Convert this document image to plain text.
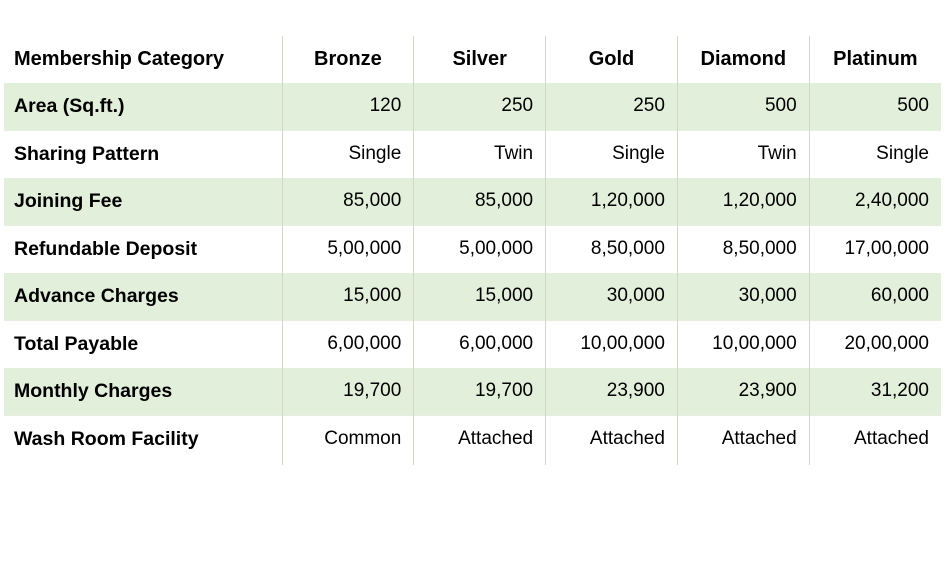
Membership Category	Bronze	Silver	Gold	Diamond	Platinum
Area (Sq.ft.)	120	250	250	500	500
Sharing Pattern	Single	Twin	Single	Twin	Single
Joining Fee	85,000	85,000	1,20,000	1,20,000	2,40,000
Refundable Deposit	5,00,000	5,00,000	8,50,000	8,50,000	17,00,000
Advance Charges	15,000	15,000	30,000	30,000	60,000
Total Payable	6,00,000	6,00,000	10,00,000	10,00,000	20,00,000
Monthly Charges	19,700	19,700	23,900	23,900	31,200
Wash Room Facility	Common	Attached	Attached	Attached	Attached
